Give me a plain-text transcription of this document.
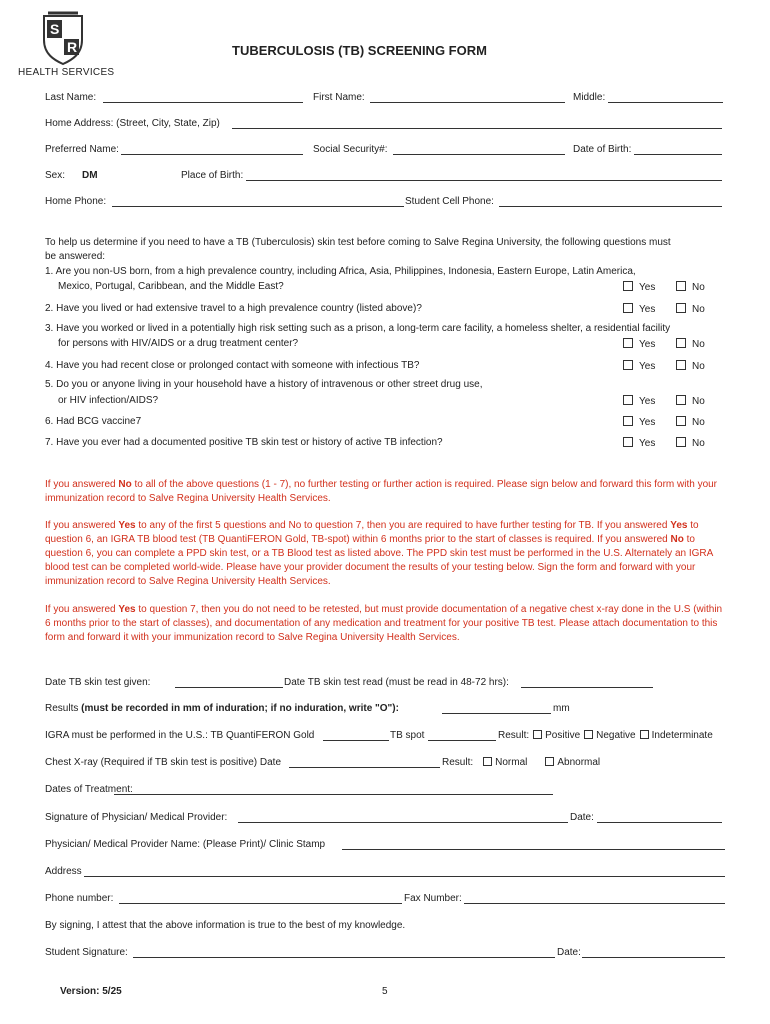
S
R
HEALTH SERVICES
TUBERCULOSIS (TB) SCREENING FORM
Last Name:	First Name:	Middle:
Home Address: (Street, City, State, Zip)
Preferred Name:	Social Security#:	Date of Birth:
Sex: DM	Place of Birth:
Home Phone:	Student Cell Phone:
To help us determine if you need to have a TB (Tuberculosis) skin test before coming to Salve Regina University, the following questions must
be answered:
1. Are you non-US born, from a high prevalence country, including Africa, Asia, Philippines, Indonesia, Eastern Europe, Latin America,
Mexico, Portugal, Caribbean, and the Middle East?	Yes	No
2. Have you lived or had extensive travel to a high prevalence country (listed above)?	Yes	No
3. Have you worked or lived in a potentially high risk setting such as a prison, a long-term care facility, a homeless shelter, a residential facility
for persons with HIV/AIDS or a drug treatment center?	Yes	No
4. Have you had recent close or prolonged contact with someone with infectious TB?	Yes	No
5. Do you or anyone living in your household have a history of intravenous or other street drug use,
or HIV infection/AIDS?	Yes	No
6. Had BCG vaccine7	Yes	No
7. Have you ever had a documented positive TB skin test or history of active TB infection?	Yes	No
If you answered No to all of the above questions (1 - 7), no further testing or further action is required. Please sign below and forward this form with your immunization record to Salve Regina University Health Services.
If you answered Yes to any of the first 5 questions and No to question 7, then you are required to have further testing for TB. If you answered Yes to question 6, an IGRA TB blood test (TB QuantiFERON Gold, TB-spot) within 6 months prior to the start of classes is required. If you answered No to question 6, you can complete a PPD skin test, or a TB Blood test as listed above. The PPD skin test must be performed in the U.S. Alternately an IGRA blood test can be completed world-wide. Please have your provider document the results of your testing below. Sign the form and forward with your immunization record to Salve Regina University Health Services.
If you answered Yes to question 7, then you do not need to be retested, but must provide documentation of a negative chest x-ray done in the U.S (within 6 months prior to the start of classes), and documentation of any medication and treatment for your positive TB test. Please attach documentation to this form and forward it with your immunization record to Salve Regina University Health Services.
Date TB skin test given:	Date TB skin test read (must be read in 48-72 hrs):
Results (must be recorded in mm of induration; if no induration, write "O"):	mm
IGRA must be performed in the U.S.: TB QuantiFERON Gold	TB spot	Result: Positive Negative Indeterminate
Chest X-ray (Required if TB skin test is positive) Date	Result: Normal	Abnormal
Dates of Treatment:
Signature of Physician/ Medical Provider:	Date:
Physician/ Medical Provider Name: (Please Print)/ Clinic Stamp
Address
Phone number:	Fax Number:
By signing, I attest that the above information is true to the best of my knowledge.
Student Signature:	Date:
Version: 5/25	5
